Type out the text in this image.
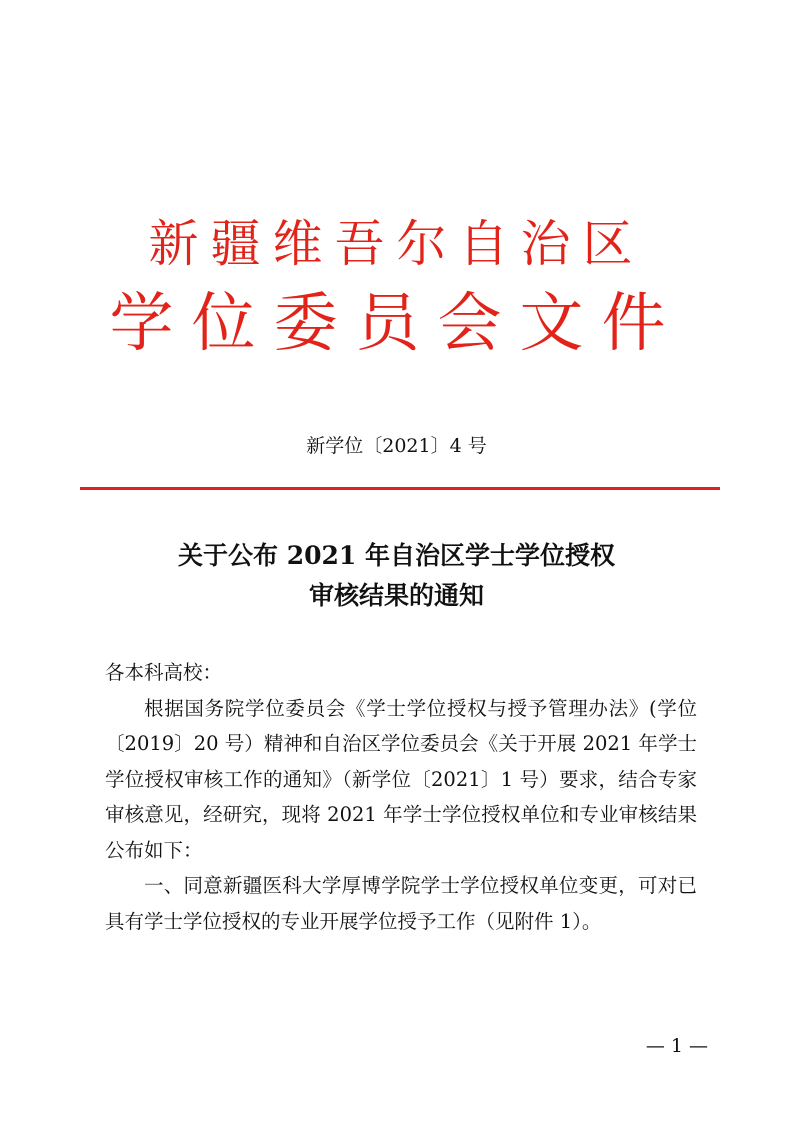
新疆维吾尔自治区
学位委员会文件
新学位〔2021〕4 号
关于公布 2021 年自治区学士学位授权
审核结果的通知

各本科高校：

根据国务院学位委员会《学士学位授权与授予管理办法》(学位〔2019〕20 号）精神和自治区学位委员会《关于开展 2021 年学士学位授权审核工作的通知》（新学位〔2021〕1 号）要求，结合专家审核意见，经研究，现将 2021 年学士学位授权单位和专业审核结果公布如下：

一、同意新疆医科大学厚博学院学士学位授权单位变更，可对已具有学士学位授权的专业开展学位授予工作（见附件 1）。

— 1 —
